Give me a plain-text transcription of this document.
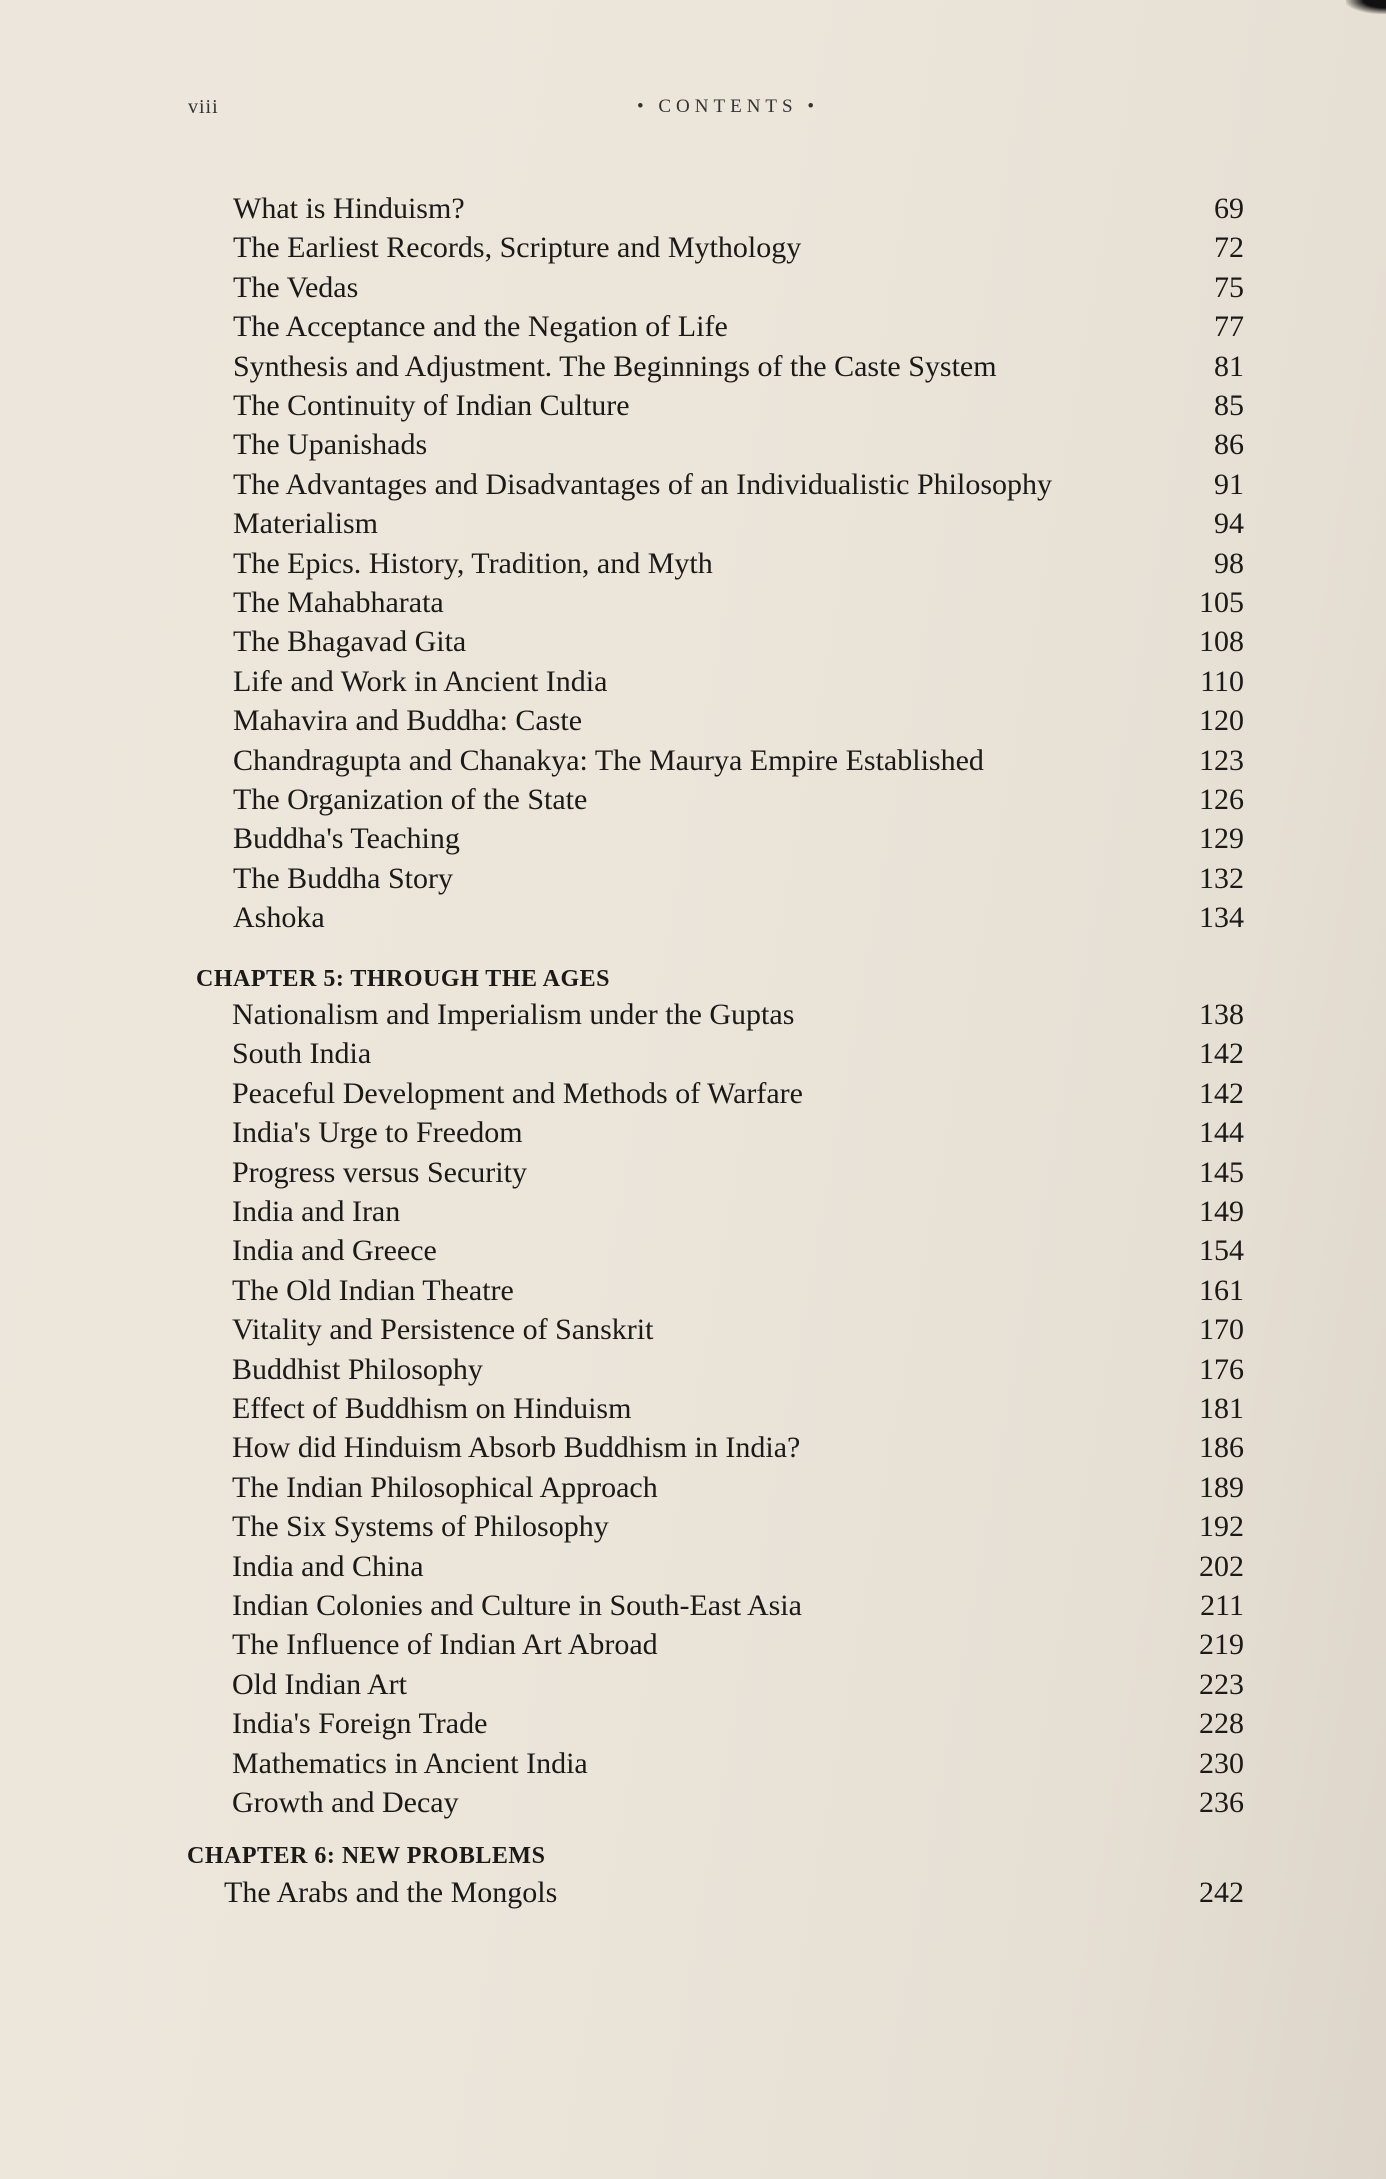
viii	• CONTENTS •
What is Hinduism?	69
The Earliest Records, Scripture and Mythology	72
The Vedas	75
The Acceptance and the Negation of Life	77
Synthesis and Adjustment. The Beginnings of the Caste System	81
The Continuity of Indian Culture	85
The Upanishads	86
The Advantages and Disadvantages of an Individualistic Philosophy	91
Materialism	94
The Epics. History, Tradition, and Myth	98
The Mahabharata	105
The Bhagavad Gita	108
Life and Work in Ancient India	110
Mahavira and Buddha: Caste	120
Chandragupta and Chanakya: The Maurya Empire Established	123
The Organization of the State	126
Buddha's Teaching	129
The Buddha Story	132
Ashoka	134
CHAPTER 5: THROUGH THE AGES
Nationalism and Imperialism under the Guptas	138
South India	142
Peaceful Development and Methods of Warfare	142
India's Urge to Freedom	144
Progress versus Security	145
India and Iran	149
India and Greece	154
The Old Indian Theatre	161
Vitality and Persistence of Sanskrit	170
Buddhist Philosophy	176
Effect of Buddhism on Hinduism	181
How did Hinduism Absorb Buddhism in India?	186
The Indian Philosophical Approach	189
The Six Systems of Philosophy	192
India and China	202
Indian Colonies and Culture in South-East Asia	211
The Influence of Indian Art Abroad	219
Old Indian Art	223
India's Foreign Trade	228
Mathematics in Ancient India	230
Growth and Decay	236
CHAPTER 6: NEW PROBLEMS
The Arabs and the Mongols	242
